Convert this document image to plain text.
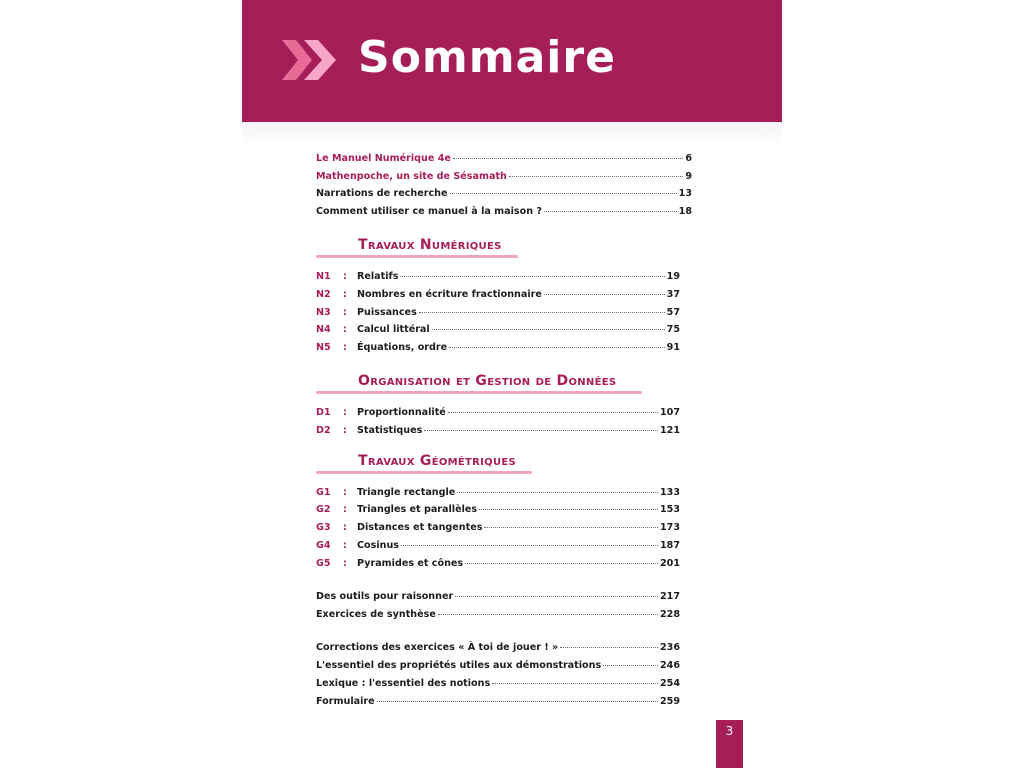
Sommaire
Le Manuel Numérique 4e	6
Mathenpoche, un site de Sésamath	9
Narrations de recherche	13
Comment utiliser ce manuel à la maison ?	18
Travaux Numériques
N1	:	Relatifs	19
N2	:	Nombres en écriture fractionnaire	37
N3	:	Puissances	57
N4	:	Calcul littéral	75
N5	:	Équations, ordre	91
Organisation et Gestion de Données
D1	:	Proportionnalité	107
D2	:	Statistiques	121
Travaux Géométriques
G1	:	Triangle rectangle	133
G2	:	Triangles et parallèles	153
G3	:	Distances et tangentes	173
G4	:	Cosinus	187
G5	:	Pyramides et cônes	201
Des outils pour raisonner	217
Exercices de synthèse	228
Corrections des exercices « À toi de jouer ! »	236
L'essentiel des propriétés utiles aux démonstrations	246
Lexique : l'essentiel des notions	254
Formulaire	259
3
